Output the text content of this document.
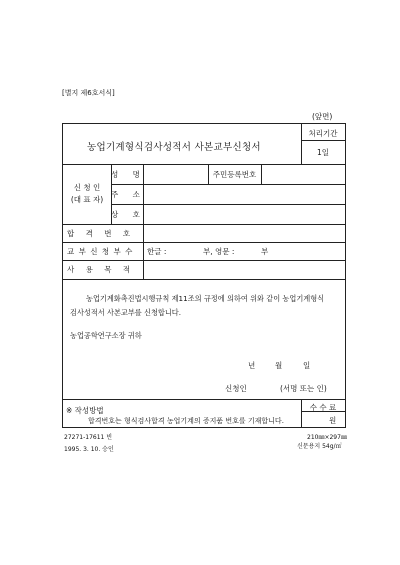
[별지 제6호서식]
(앞면)
농업기계형식검사성적서 사본교부신청서
처리기간
1일
신 청 인
(대 표 자)
성 명	주민등록번호
주 소
상 호
합 격 번 호
교 부 신 청 부 수 한글 :	부, 영문 :	부
사 용 목 적
농업기계화촉진법시행규칙 제11조의 규정에 의하여 위와 같이 농업기계형식
검사성적서 사본교부를 신청합니다.
농업공학연구소장 귀하
년	월	일
신청인	(서명 또는 인)
※ 작성방법
합격번호는 형식검사합격 농업기계의 증지품 번호를 기재합니다.
수 수 료
원
27271-17611 빈
1995. 3. 10. 승인
210㎜×297㎜
신문용지 54g/㎡
